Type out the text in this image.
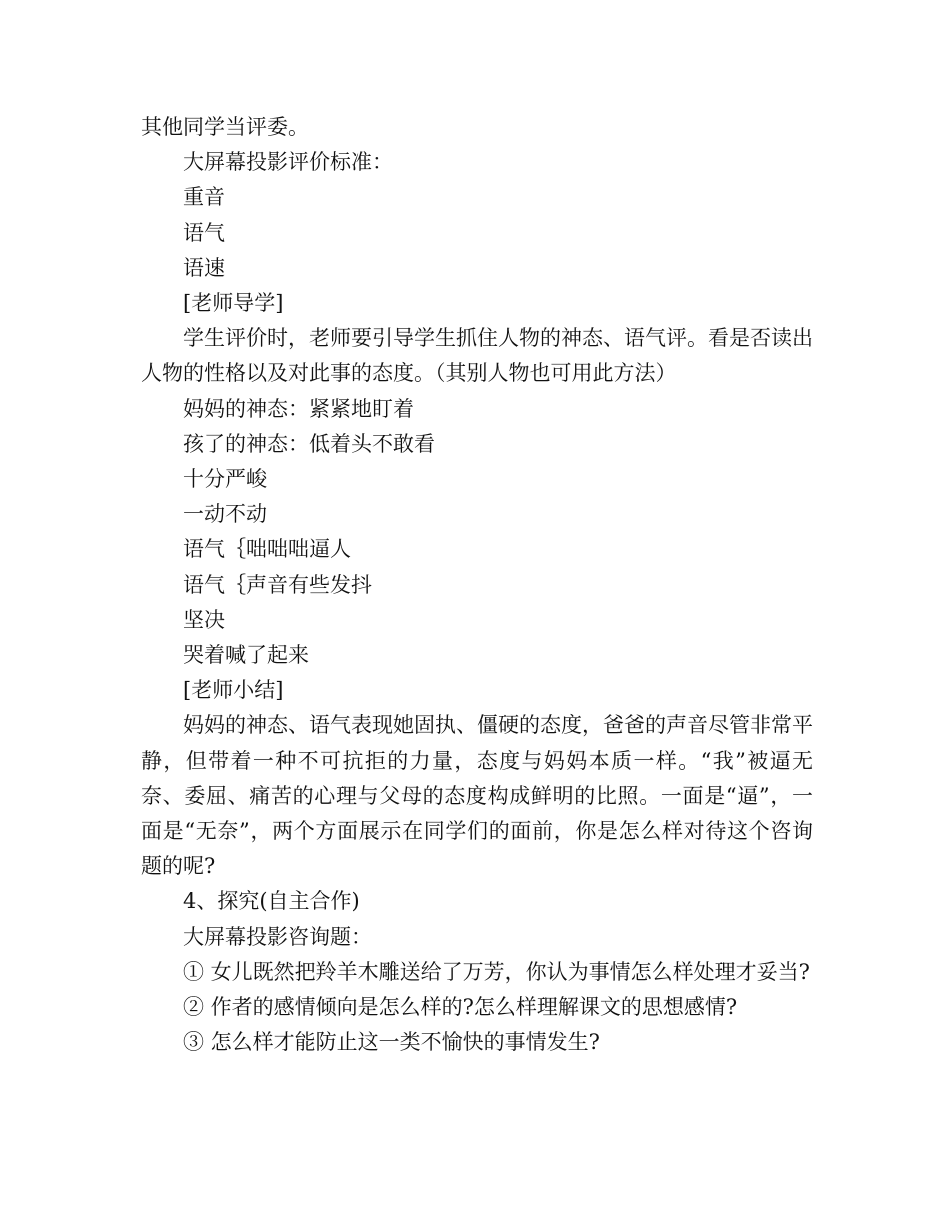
其他同学当评委。

大屏幕投影评价标准：

重音

语气

语速

[老师导学]

学生评价时，老师要引导学生抓住人物的神态、语气评。看是否读出人物的性格以及对此事的态度。（其别人物也可用此方法）

妈妈的神态：紧紧地盯着

孩了的神态：低着头不敢看

十分严峻

一动不动

语气｛咄咄咄逼人

语气｛声音有些发抖

坚决

哭着喊了起来

[老师小结]

妈妈的神态、语气表现她固执、僵硬的态度，爸爸的声音尽管非常平静，但带着一种不可抗拒的力量，态度与妈妈本质一样。“我”被逼无奈、委屈、痛苦的心理与父母的态度构成鲜明的比照。一面是“逼”，一面是“无奈”，两个方面展示在同学们的面前，你是怎么样对待这个咨询题的呢?

4、探究(自主合作)

大屏幕投影咨询题：

① 女儿既然把羚羊木雕送给了万芳，你认为事情怎么样处理才妥当?

② 作者的感情倾向是怎么样的?怎么样理解课文的思想感情?

③ 怎么样才能防止这一类不愉快的事情发生?
